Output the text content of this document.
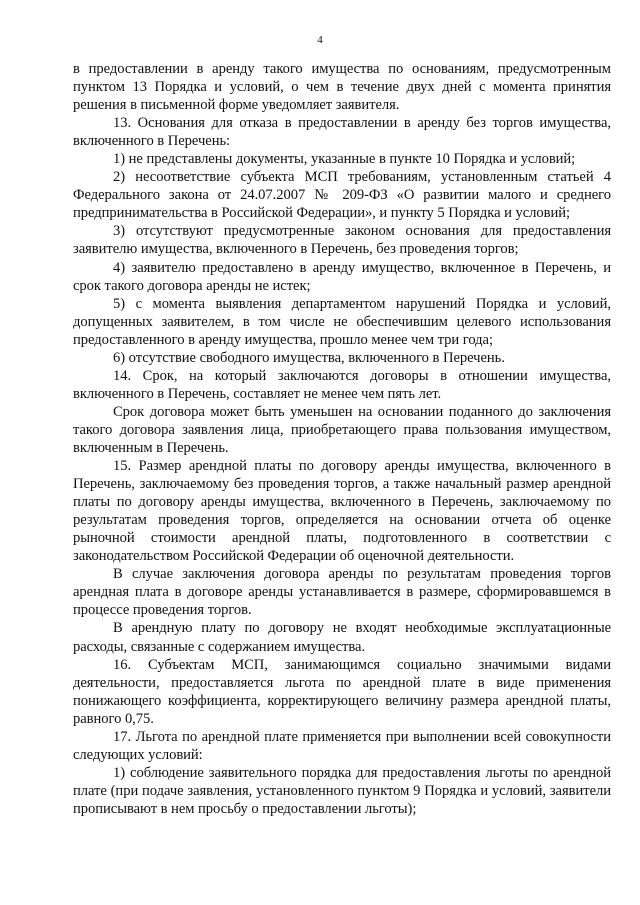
4

в предоставлении в аренду такого имущества по основаниям, предусмотренным пунктом 13 Порядка и условий, о чем в течение двух дней с момента принятия решения в письменной форме уведомляет заявителя.

13. Основания для отказа в предоставлении в аренду без торгов имущества, включенного в Перечень:

1) не представлены документы, указанные в пункте 10 Порядка и условий;

2) несоответствие субъекта МСП требованиям, установленным статьей 4 Федерального закона от 24.07.2007 № 209-ФЗ «О развитии малого и среднего предпринимательства в Российской Федерации», и пункту 5 Порядка и условий;

3) отсутствуют предусмотренные законом основания для предоставления заявителю имущества, включенного в Перечень, без проведения торгов;

4) заявителю предоставлено в аренду имущество, включенное в Перечень, и срок такого договора аренды не истек;

5) с момента выявления департаментом нарушений Порядка и условий, допущенных заявителем, в том числе не обеспечившим целевого использования предоставленного в аренду имущества, прошло менее чем три года;

6) отсутствие свободного имущества, включенного в Перечень.

14. Срок, на который заключаются договоры в отношении имущества, включенного в Перечень, составляет не менее чем пять лет.

Срок договора может быть уменьшен на основании поданного до заключения такого договора заявления лица, приобретающего права пользования имуществом, включенным в Перечень.

15. Размер арендной платы по договору аренды имущества, включенного в Перечень, заключаемому без проведения торгов, а также начальный размер арендной платы по договору аренды имущества, включенного в Перечень, заключаемому по результатам проведения торгов, определяется на основании отчета об оценке рыночной стоимости арендной платы, подготовленного в соответствии с законодательством Российской Федерации об оценочной деятельности.

В случае заключения договора аренды по результатам проведения торгов арендная плата в договоре аренды устанавливается в размере, сформировавшемся в процессе проведения торгов.

В арендную плату по договору не входят необходимые эксплуатационные расходы, связанные с содержанием имущества.

16. Субъектам МСП, занимающимся социально значимыми видами деятельности, предоставляется льгота по арендной плате в виде применения понижающего коэффициента, корректирующего величину размера арендной платы, равного 0,75.

17. Льгота по арендной плате применяется при выполнении всей совокупности следующих условий:

1) соблюдение заявительного порядка для предоставления льготы по арендной плате (при подаче заявления, установленного пунктом 9 Порядка и условий, заявители прописывают в нем просьбу о предоставлении льготы);
